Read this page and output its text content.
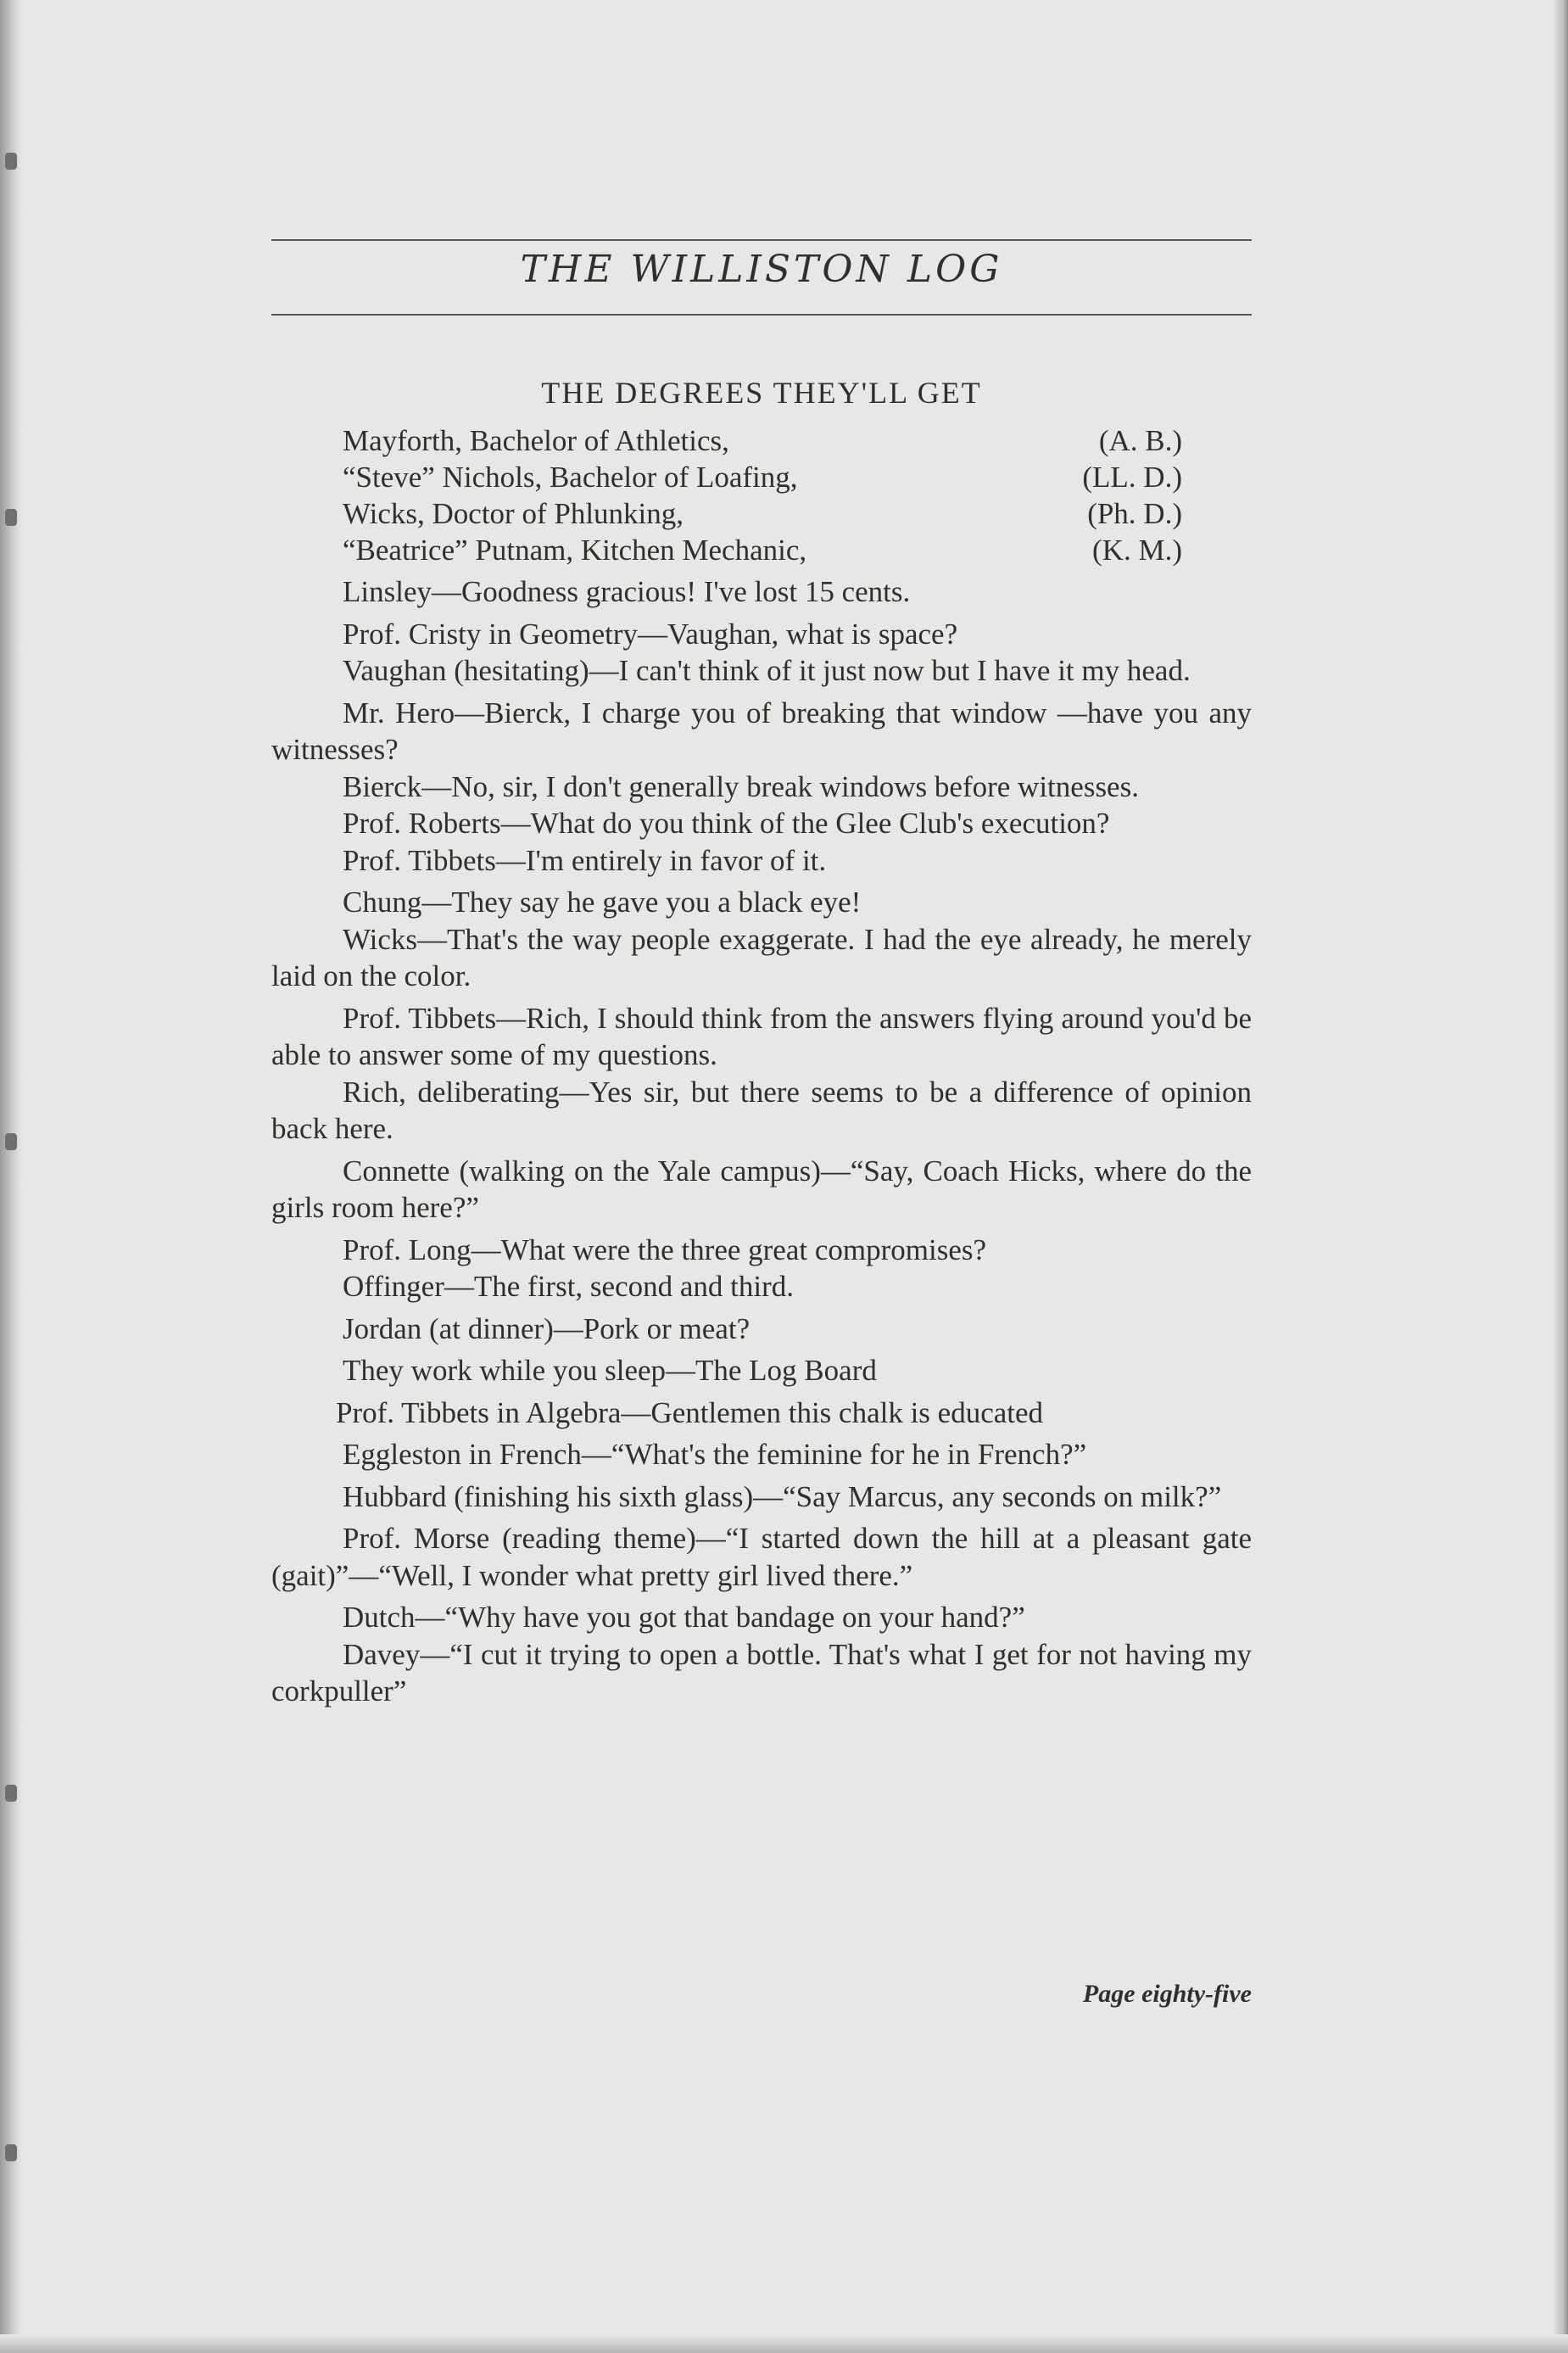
THE WILLISTON LOG
THE DEGREES THEY'LL GET
Mayforth, Bachelor of Athletics,	(A. B.)
“Steve” Nichols, Bachelor of Loafing,	(LL. D.)
Wicks, Doctor of Phlunking,	(Ph. D.)
“Beatrice” Putnam, Kitchen Mechanic,	(K. M.)

Linsley—Goodness gracious! I've lost 15 cents.

Prof. Cristy in Geometry—Vaughan, what is space?

Vaughan (hesitating)—I can't think of it just now but I have it my head.

Mr. Hero—Bierck, I charge you of breaking that window —have you any witnesses?

Bierck—No, sir, I don't generally break windows before witnesses.

Prof. Roberts—What do you think of the Glee Club's execution?

Prof. Tibbets—I'm entirely in favor of it.

Chung—They say he gave you a black eye!

Wicks—That's the way people exaggerate. I had the eye already, he merely laid on the color.

Prof. Tibbets—Rich, I should think from the answers flying around you'd be able to answer some of my questions.

Rich, deliberating—Yes sir, but there seems to be a difference of opinion back here.

Connette (walking on the Yale campus)—“Say, Coach Hicks, where do the girls room here?”

Prof. Long—What were the three great compromises?

Offinger—The first, second and third.

Jordan (at dinner)—Pork or meat?

They work while you sleep—The Log Board

Prof. Tibbets in Algebra—Gentlemen this chalk is educated

Eggleston in French—“What's the feminine for he in French?”

Hubbard (finishing his sixth glass)—“Say Marcus, any seconds on milk?”

Prof. Morse (reading theme)—“I started down the hill at a pleasant gate (gait)”—“Well, I wonder what pretty girl lived there.”

Dutch—“Why have you got that bandage on your hand?”

Davey—“I cut it trying to open a bottle. That's what I get for not having my corkpuller”

Page eighty-five
